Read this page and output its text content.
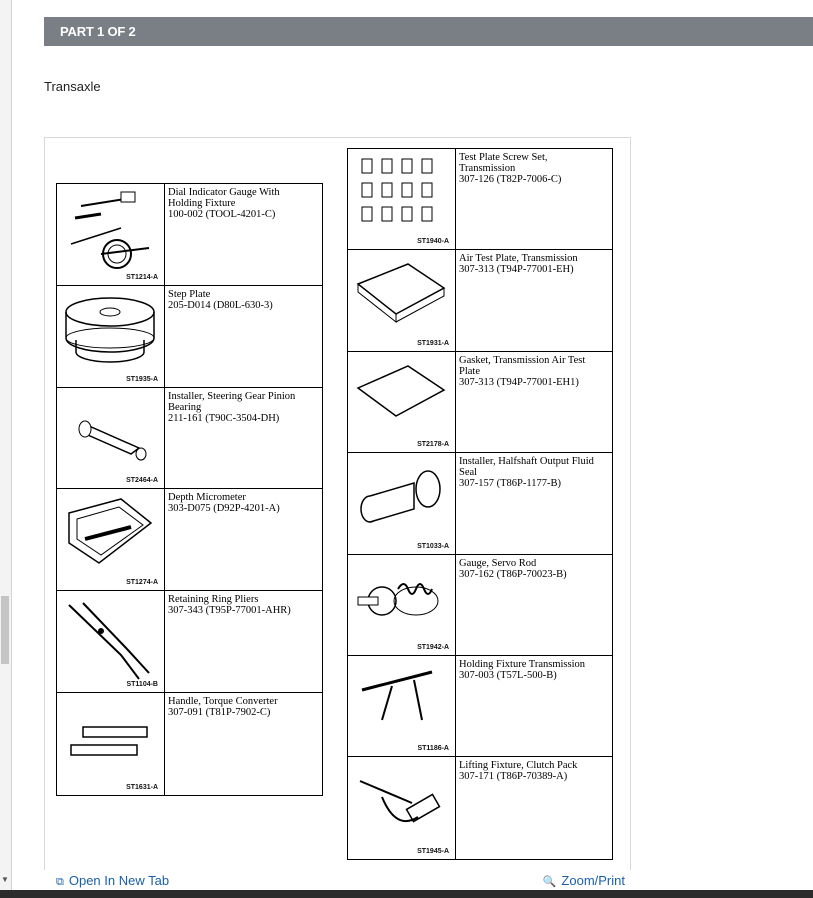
▼
PART 1 OF 2
Transaxle
ST1214-A
Dial Indicator Gauge With
Holding Fixture
100-002 (TOOL-4201-C)
ST1935-A
Step Plate
205-D014 (D80L-630-3)
ST2464-A
Installer, Steering Gear Pinion
Bearing
211-161 (T90C-3504-DH)
ST1274-A
Depth Micrometer
303-D075 (D92P-4201-A)
ST1104-B
Retaining Ring Pliers
307-343 (T95P-77001-AHR)
ST1631-A
Handle, Torque Converter
307-091 (T81P-7902-C)
ST1940-A
Test Plate Screw Set,
Transmission
307-126 (T82P-7006-C)
ST1931-A
Air Test Plate, Transmission
307-313 (T94P-77001-EH)
ST2178-A
Gasket, Transmission Air Test
Plate
307-313 (T94P-77001-EH1)
ST1033-A
Installer, Halfshaft Output Fluid
Seal
307-157 (T86P-1177-B)
ST1942-A
Gauge, Servo Rod
307-162 (T86P-70023-B)
ST1186-A
Holding Fixture Transmission
307-003 (T57L-500-B)
ST1945-A
Lifting Fixture, Clutch Pack
307-171 (T86P-70389-A)
⧉ Open In New Tab	🔍 Zoom/Print
